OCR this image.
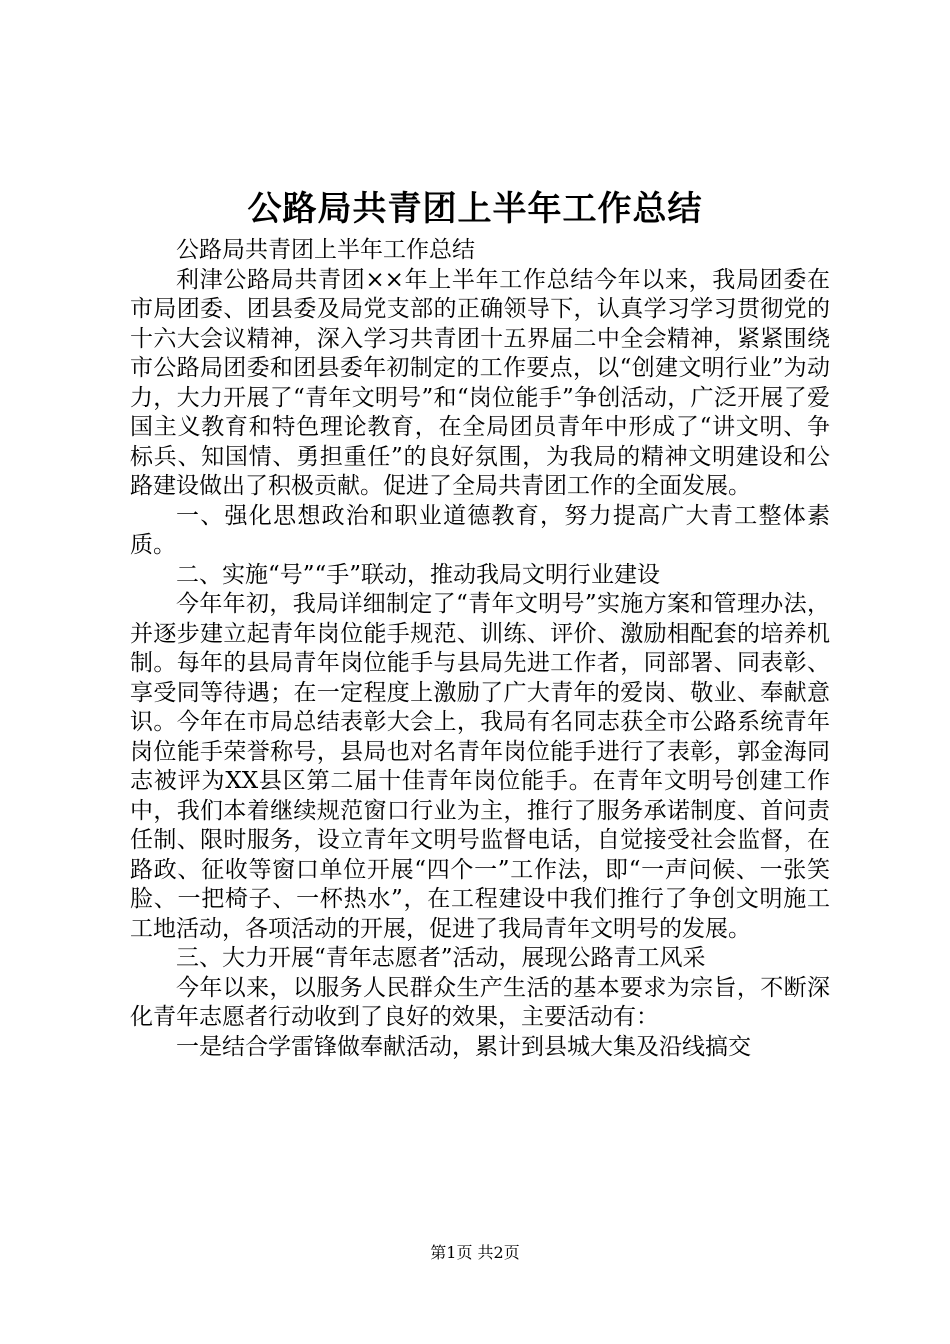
公路局共青团上半年工作总结

公路局共青团上半年工作总结

利津公路局共青团××年上半年工作总结今年以来，我局团委在市局团委、团县委及局党支部的正确领导下，认真学习学习贯彻党的十六大会议精神，深入学习共青团十五界届二中全会精神，紧紧围绕市公路局团委和团县委年初制定的工作要点，以“创建文明行业”为动力，大力开展了“青年文明号”和“岗位能手”争创活动，广泛开展了爱国主义教育和特色理论教育，在全局团员青年中形成了“讲文明、争标兵、知国情、勇担重任”的良好氛围，为我局的精神文明建设和公路建设做出了积极贡献。促进了全局共青团工作的全面发展。

一、强化思想政治和职业道德教育，努力提高广大青工整体素质。

二、实施“号”“手”联动，推动我局文明行业建设

今年年初，我局详细制定了“青年文明号”实施方案和管理办法，并逐步建立起青年岗位能手规范、训练、评价、激励相配套的培养机制。每年的县局青年岗位能手与县局先进工作者，同部署、同表彰、享受同等待遇；在一定程度上激励了广大青年的爱岗、敬业、奉献意识。今年在市局总结表彰大会上，我局有名同志获全市公路系统青年岗位能手荣誉称号，县局也对名青年岗位能手进行了表彰，郭金海同志被评为XX县区第二届十佳青年岗位能手。在青年文明号创建工作中，我们本着继续规范窗口行业为主，推行了服务承诺制度、首问责任制、限时服务，设立青年文明号监督电话，自觉接受社会监督，在路政、征收等窗口单位开展“四个一”工作法，即“一声问候、一张笑脸、一把椅子、一杯热水”，在工程建设中我们推行了争创文明施工工地活动，各项活动的开展，促进了我局青年文明号的发展。

三、大力开展“青年志愿者”活动，展现公路青工风采

今年以来，以服务人民群众生产生活的基本要求为宗旨，不断深化青年志愿者行动收到了良好的效果，主要活动有：

一是结合学雷锋做奉献活动，累计到县城大集及沿线搞交

第1页 共2页
